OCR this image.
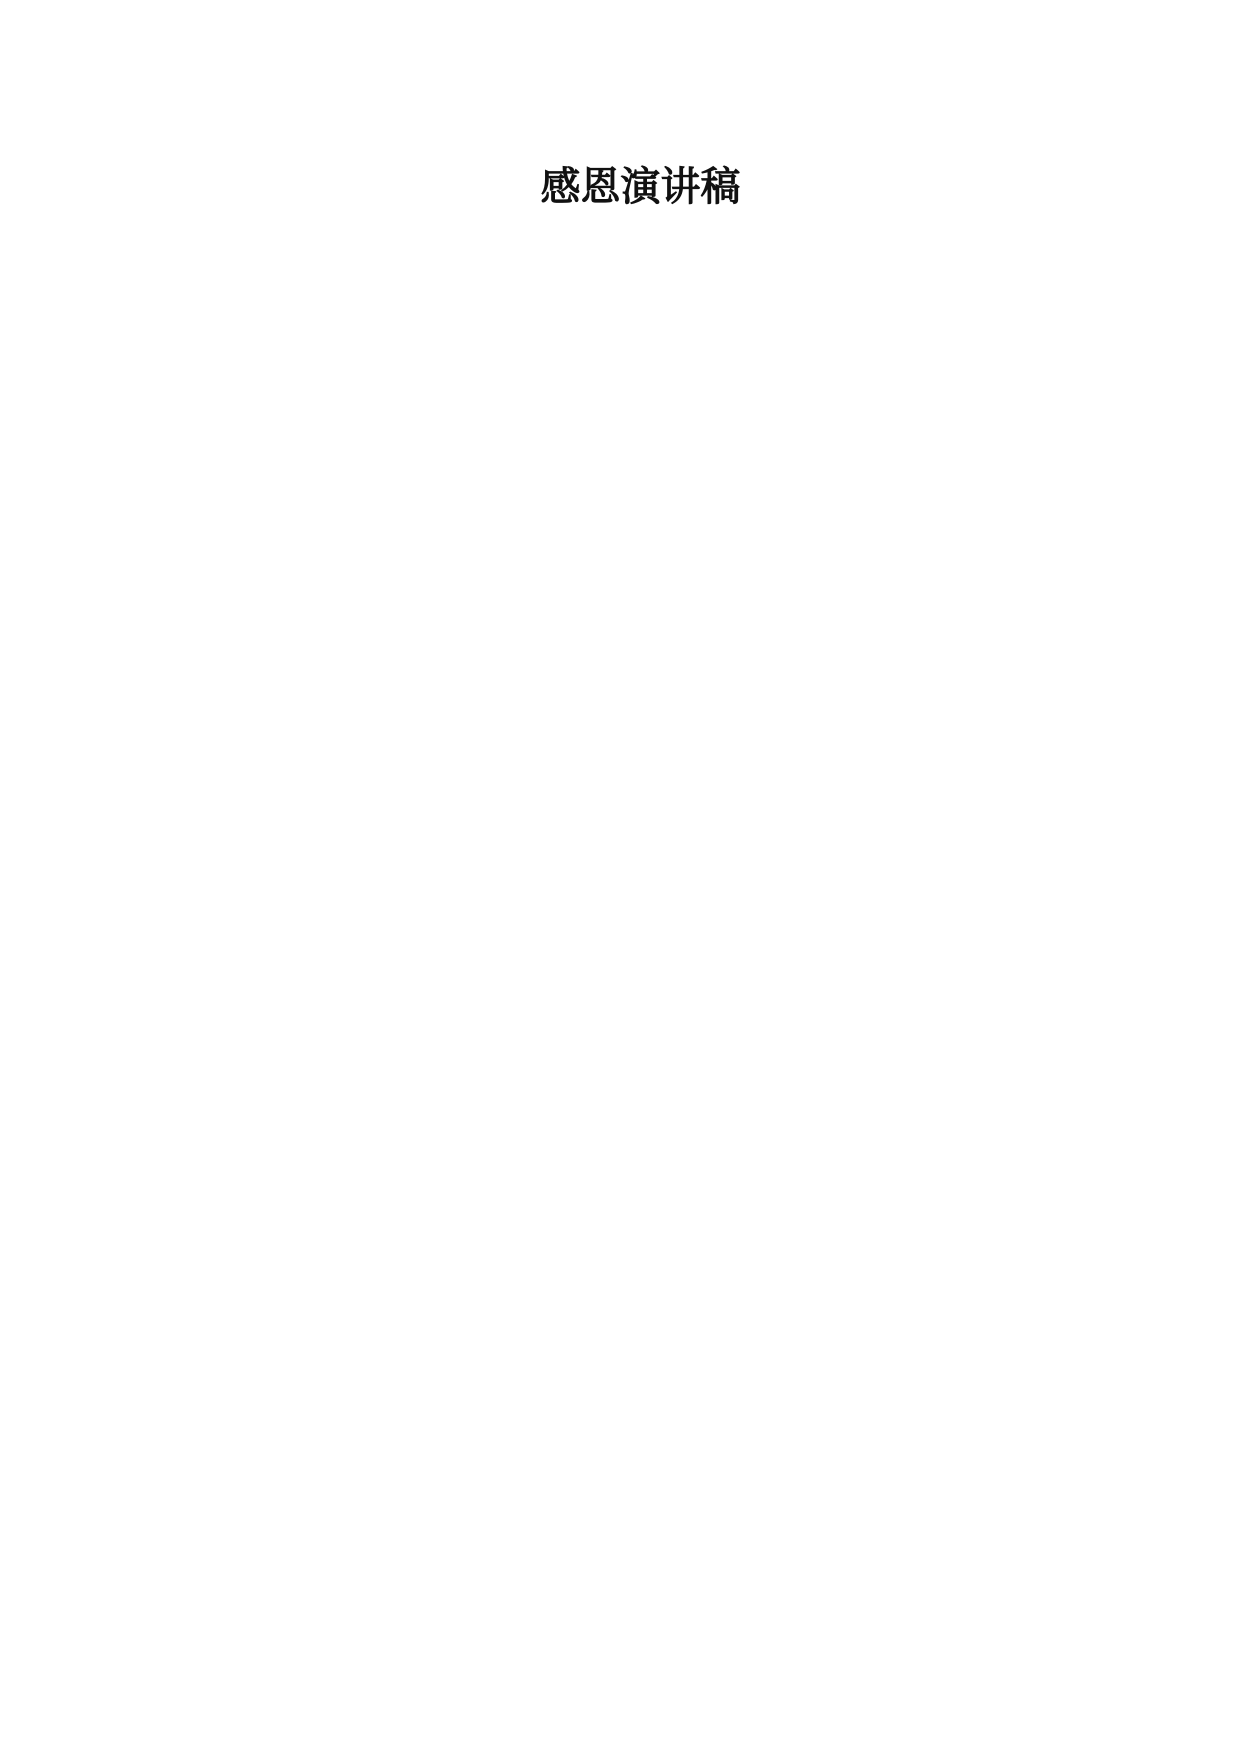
感恩演讲稿
